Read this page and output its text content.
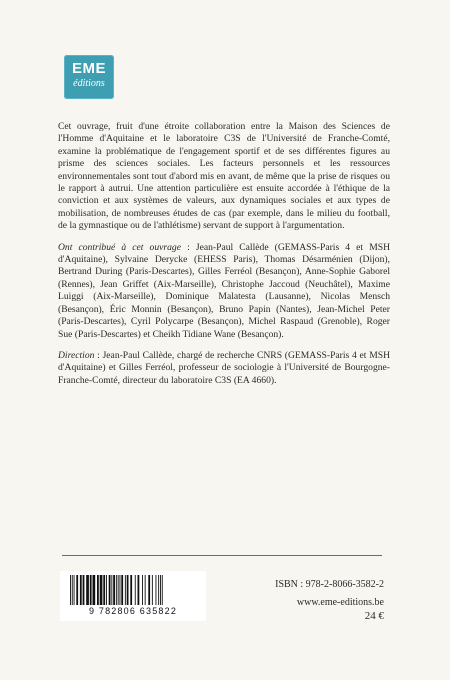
EME
éditions

Cet ouvrage, fruit d'une étroite collaboration entre la Maison des Sciences de l'Homme d'Aquitaine et le laboratoire C3S de l'Université de Franche-Comté, examine la problématique de l'engagement sportif et de ses différentes figures au prisme des sciences sociales. Les facteurs personnels et les ressources environnementales sont tout d'abord mis en avant, de même que la prise de risques ou le rapport à autrui. Une attention particulière est ensuite accordée à l'éthique de la conviction et aux systèmes de valeurs, aux dynamiques sociales et aux types de mobilisation, de nombreuses études de cas (par exemple, dans le milieu du football, de la gymnastique ou de l'athlétisme) servant de support à l'argumentation.

Ont contribué à cet ouvrage : Jean-Paul Callède (GEMASS-Paris 4 et MSH d'Aquitaine), Sylvaine Derycke (EHESS Paris), Thomas Désarménien (Dijon), Bertrand During (Paris-Descartes), Gilles Ferréol (Besançon), Anne-Sophie Gaborel (Rennes), Jean Griffet (Aix-Marseille), Christophe Jaccoud (Neuchâtel), Maxime Luiggi (Aix-Marseille), Dominique Malatesta (Lausanne), Nicolas Mensch (Besançon), Éric Monnin (Besançon), Bruno Papin (Nantes), Jean-Michel Peter (Paris-Descartes), Cyril Polycarpe (Besançon), Michel Raspaud (Grenoble), Roger Sue (Paris-Descartes) et Cheikh Tidiane Wane (Besançon).

Direction : Jean-Paul Callède, chargé de recherche CNRS (GEMASS-Paris 4 et MSH d'Aquitaine) et Gilles Ferréol, professeur de sociologie à l'Université de Bourgogne-Franche-Comté, directeur du laboratoire C3S (EA 4660).

9 782806 635822
ISBN : 978-2-8066-3582-2
www.eme-editions.be
24 €
